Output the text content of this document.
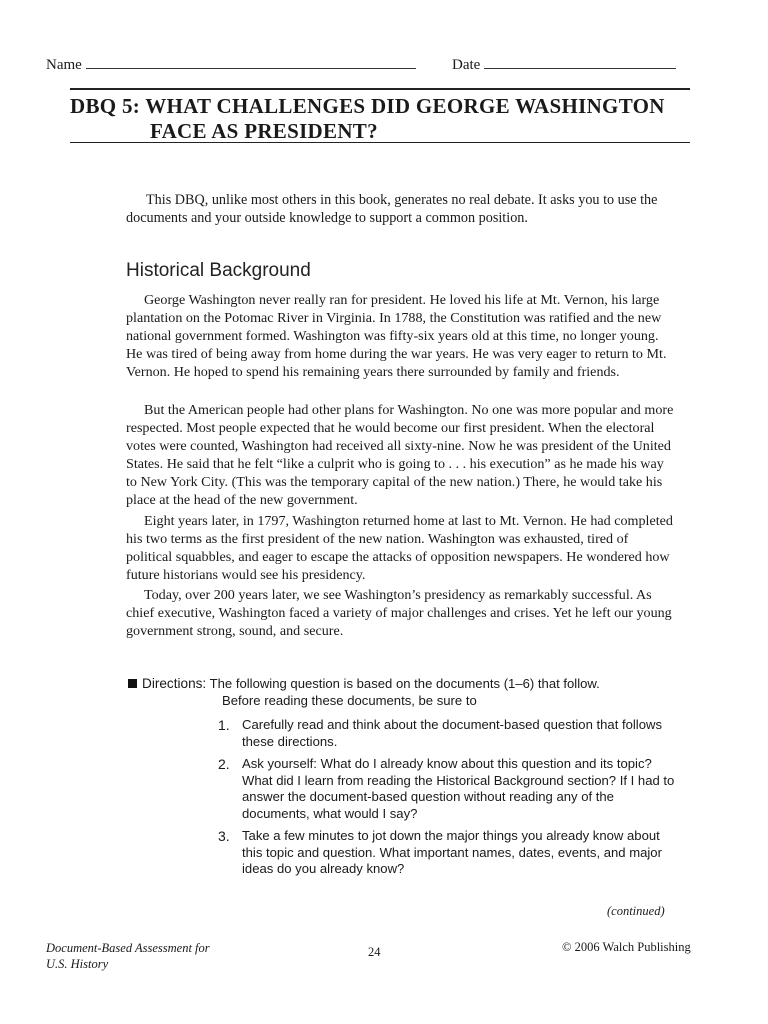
Name	Date
DBQ 5: WHAT CHALLENGES DID GEORGE WASHINGTON
FACE AS PRESIDENT?

This DBQ, unlike most others in this book, generates no real debate. It asks you to use the documents and your outside knowledge to support a common position.

Historical Background

George Washington never really ran for president. He loved his life at Mt. Vernon, his large plantation on the Potomac River in Virginia. In 1788, the Constitution was ratified and the new national government formed. Washington was fifty-six years old at this time, no longer young. He was tired of being away from home during the war years. He was very eager to return to Mt. Vernon. He hoped to spend his remaining years there surrounded by family and friends.

But the American people had other plans for Washington. No one was more popular and more respected. Most people expected that he would become our first president. When the electoral votes were counted, Washington had received all sixty-nine. Now he was president of the United States. He said that he felt “like a culprit who is going to . . . his execution” as he made his way to New York City. (This was the temporary capital of the new nation.) There, he would take his place at the head of the new government.

Eight years later, in 1797, Washington returned home at last to Mt. Vernon. He had completed his two terms as the first president of the new nation. Washington was exhausted, tired of political squabbles, and eager to escape the attacks of opposition newspapers. He wondered how future historians would see his presidency.

Today, over 200 years later, we see Washington’s presidency as remarkably successful. As chief executive, Washington faced a variety of major challenges and crises. Yet he left our young government strong, sound, and secure.

Directions: The following question is based on the documents (1–6) that follow.
Before reading these documents, be sure to
1. Carefully read and think about the document-based question that follows these directions.
2. Ask yourself: What do I already know about this question and its topic? What did I learn from reading the Historical Background section? If I had to answer the document-based question without reading any of the documents, what would I say?
3. Take a few minutes to jot down the major things you already know about this topic and question. What important names, dates, events, and major ideas do you already know?
(continued)
Document-Based Assessment for
U.S. History
24	© 2006 Walch Publishing
